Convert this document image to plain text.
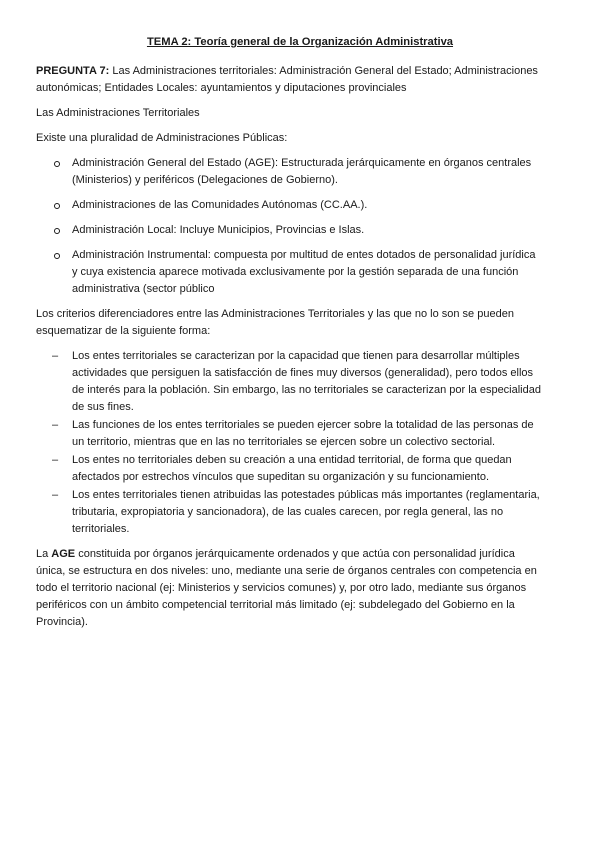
TEMA 2: Teoría general de la Organización Administrativa

PREGUNTA 7: Las Administraciones territoriales: Administración General del Estado; Administraciones autonómicas; Entidades Locales: ayuntamientos y diputaciones provinciales

Las Administraciones Territoriales

Existe una pluralidad de Administraciones Públicas:

Administración General del Estado (AGE): Estructurada jerárquicamente en órganos centrales (Ministerios) y periféricos (Delegaciones de Gobierno).
Administraciones de las Comunidades Autónomas (CC.AA.).
Administración Local: Incluye Municipios, Provincias e Islas.
Administración Instrumental: compuesta por multitud de entes dotados de personalidad jurídica y cuya existencia aparece motivada exclusivamente por la gestión separada de una función administrativa (sector público

Los criterios diferenciadores entre las Administraciones Territoriales y las que no lo son se pueden esquematizar de la siguiente forma:

– Los entes territoriales se caracterizan por la capacidad que tienen para desarrollar múltiples actividades que persiguen la satisfacción de fines muy diversos (generalidad), pero todos ellos de interés para la población. Sin embargo, las no territoriales se caracterizan por la especialidad de sus fines.
– Las funciones de los entes territoriales se pueden ejercer sobre la totalidad de las personas de un territorio, mientras que en las no territoriales se ejercen sobre un colectivo sectorial.
– Los entes no territoriales deben su creación a una entidad territorial, de forma que quedan afectados por estrechos vínculos que supeditan su organización y su funcionamiento.
– Los entes territoriales tienen atribuidas las potestades públicas más importantes (reglamentaria, tributaria, expropiatoria y sancionadora), de las cuales carecen, por regla general, las no territoriales.

La AGE constituida por órganos jerárquicamente ordenados y que actúa con personalidad jurídica única, se estructura en dos niveles: uno, mediante una serie de órganos centrales con competencia en todo el territorio nacional (ej: Ministerios y servicios comunes) y, por otro lado, mediante sus órganos periféricos con un ámbito competencial territorial más limitado (ej: subdelegado del Gobierno en la Provincia).
